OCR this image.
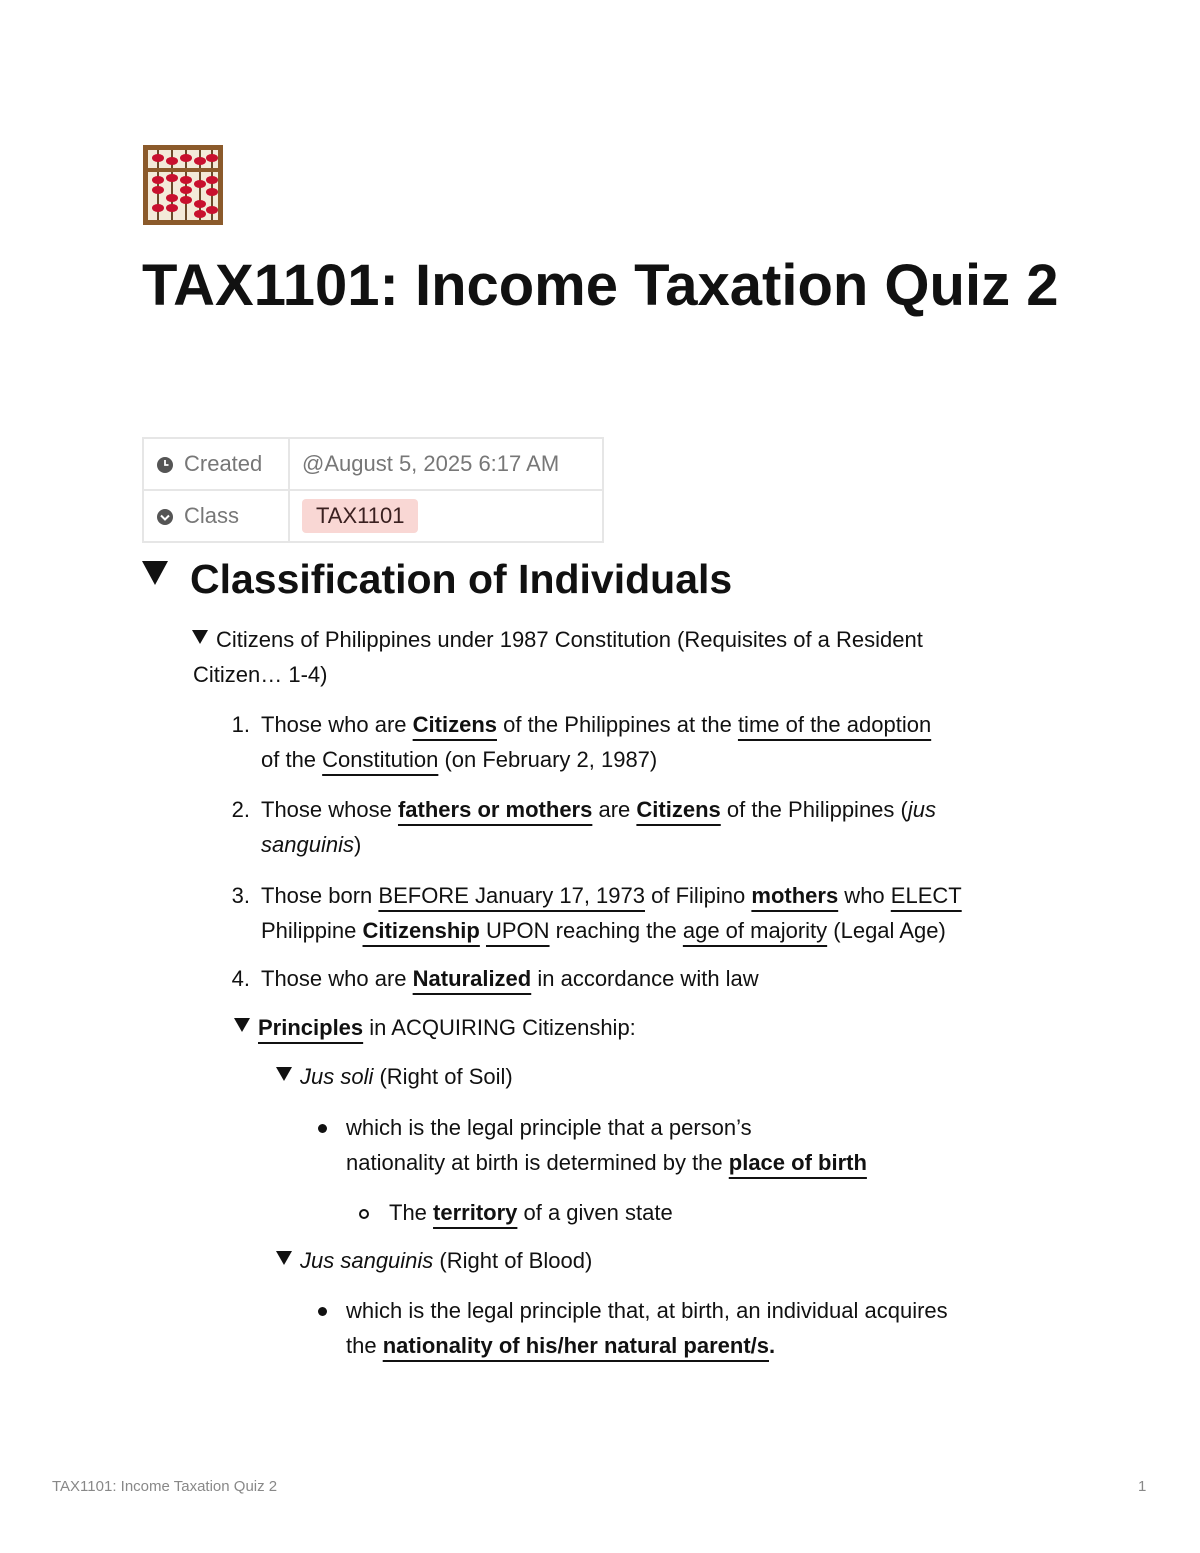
TAX1101: Income Taxation Quiz 2
Created	@August 5, 2025 6:17 AM
Class	TAX1101
Classification of Individuals
Citizens of Philippines under 1987 Constitution (Requisites of a Resident
Citizen… 1-4)
1. Those who are Citizens of the Philippines at the time of the adoption
of the Constitution (on February 2, 1987)
2. Those whose fathers or mothers are Citizens of the Philippines (jus
sanguinis)
3. Those born BEFORE January 17, 1973 of Filipino mothers who ELECT
Philippine Citizenship UPON reaching the age of majority (Legal Age)
4. Those who are Naturalized in accordance with law
Principles in ACQUIRING Citizenship:
Jus soli (Right of Soil)
which is the legal principle that a person’s
nationality at birth is determined by the place of birth
The territory of a given state
Jus sanguinis (Right of Blood)
which is the legal principle that, at birth, an individual acquires
the nationality of his/her natural parent/s.
TAX1101: Income Taxation Quiz 2	1
